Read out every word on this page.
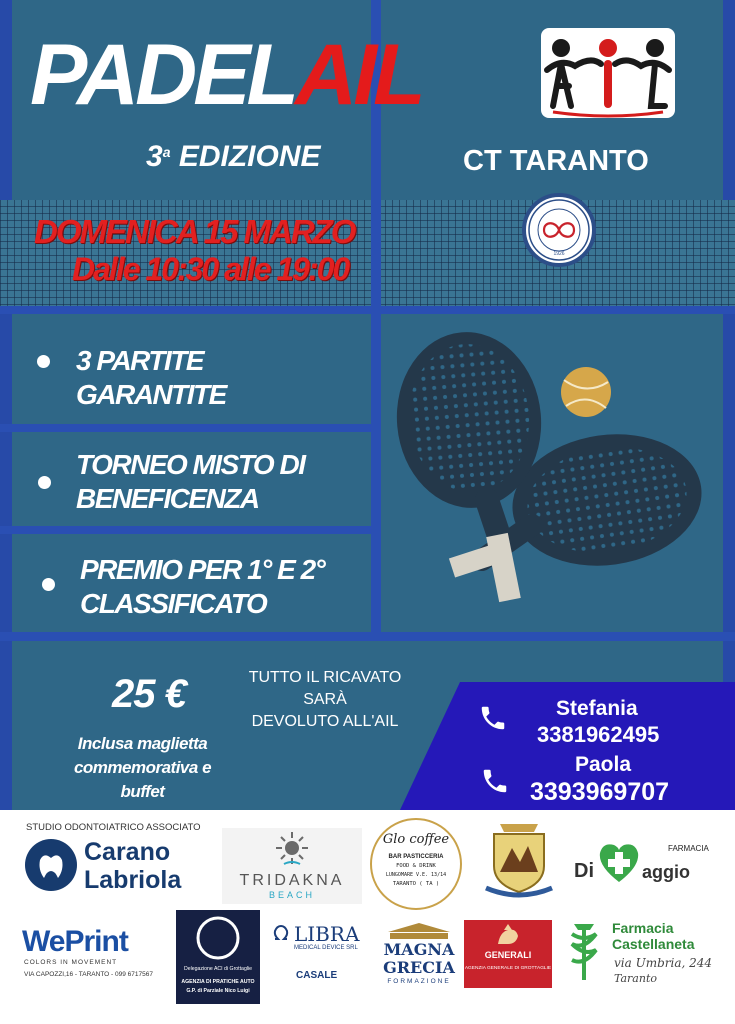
PADELAIL
3$^a$ EDIZIONE	CT TARANTO
1926
DOMENICA 15 MARZO
Dalle 10:30 alle 19:00
3 PARTITE
GARANTITE
TORNEO MISTO DI
BENEFICENZA
PREMIO PER 1° E 2°
CLASSIFICATO
25 €
Inclusa maglietta
commemorativa e
buffet
TUTTO IL RICAVATO
SARÀ
DEVOLUTO ALL'AIL
Stefania
3381962495
Paola
3393969707
STUDIO ODONTOIATRICO ASSOCIATO
Carano
Labriola	TRIDAKNA
BEACH
Glo coffee
BAR PASTICCERIA
FOOD & DRINK
LUNGOMARE V.E. 13/14
TARANTO ( TA )
FARMACIA
Di	aggio
WePrint
COLORS IN MOVEMENT
VIA CAPOZZI,16 - TARANTO - 099 6717567
Delegazione ACI di Grottaglie
AGENZIA DI PRATICHE AUTO
G.P. di Parziale Nico Luigi
LIBRA
MEDICAL DEVICE SRL
CASALE
MAGNA
GRECIA
FORMAZIONE
GENERALI
AGENZIA GENERALE DI GROTTAGLIE
Farmacia
Castellaneta
via Umbria, 244
Taranto
